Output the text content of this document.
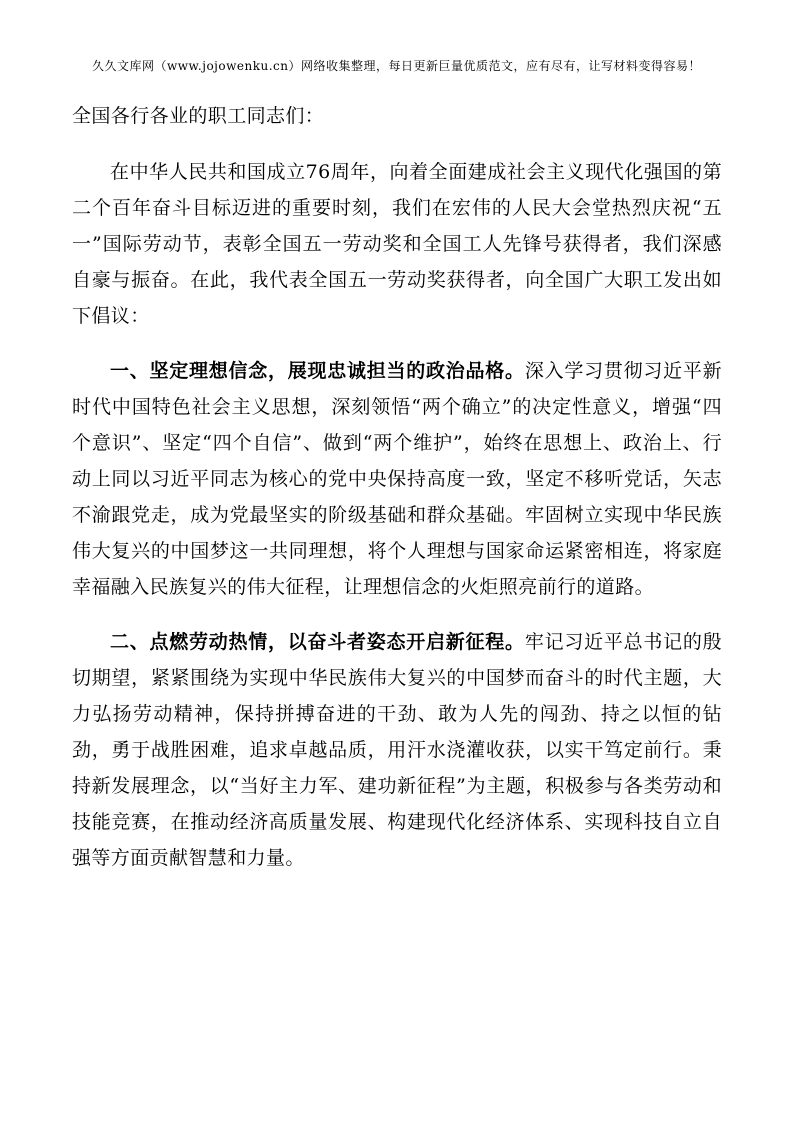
久久文库网（www.jojowenku.cn）网络收集整理，每日更新巨量优质范文，应有尽有，让写材料变得容易！

全国各行各业的职工同志们：

在中华人民共和国成立76周年，向着全面建成社会主义现代化强国的第二个百年奋斗目标迈进的重要时刻，我们在宏伟的人民大会堂热烈庆祝“五一”国际劳动节，表彰全国五一劳动奖和全国工人先锋号获得者，我们深感自豪与振奋。在此，我代表全国五一劳动奖获得者，向全国广大职工发出如下倡议：

一、坚定理想信念，展现忠诚担当的政治品格。深入学习贯彻习近平新时代中国特色社会主义思想，深刻领悟“两个确立”的决定性意义，增强“四个意识”、坚定“四个自信”、做到“两个维护”，始终在思想上、政治上、行动上同以习近平同志为核心的党中央保持高度一致，坚定不移听党话，矢志不渝跟党走，成为党最坚实的阶级基础和群众基础。牢固树立实现中华民族伟大复兴的中国梦这一共同理想，将个人理想与国家命运紧密相连，将家庭幸福融入民族复兴的伟大征程，让理想信念的火炬照亮前行的道路。

二、点燃劳动热情，以奋斗者姿态开启新征程。牢记习近平总书记的殷切期望，紧紧围绕为实现中华民族伟大复兴的中国梦而奋斗的时代主题，大力弘扬劳动精神，保持拼搏奋进的干劲、敢为人先的闯劲、持之以恒的钻劲，勇于战胜困难，追求卓越品质，用汗水浇灌收获，以实干笃定前行。秉持新发展理念，以“当好主力军、建功新征程”为主题，积极参与各类劳动和技能竞赛，在推动经济高质量发展、构建现代化经济体系、实现科技自立自强等方面贡献智慧和力量。
